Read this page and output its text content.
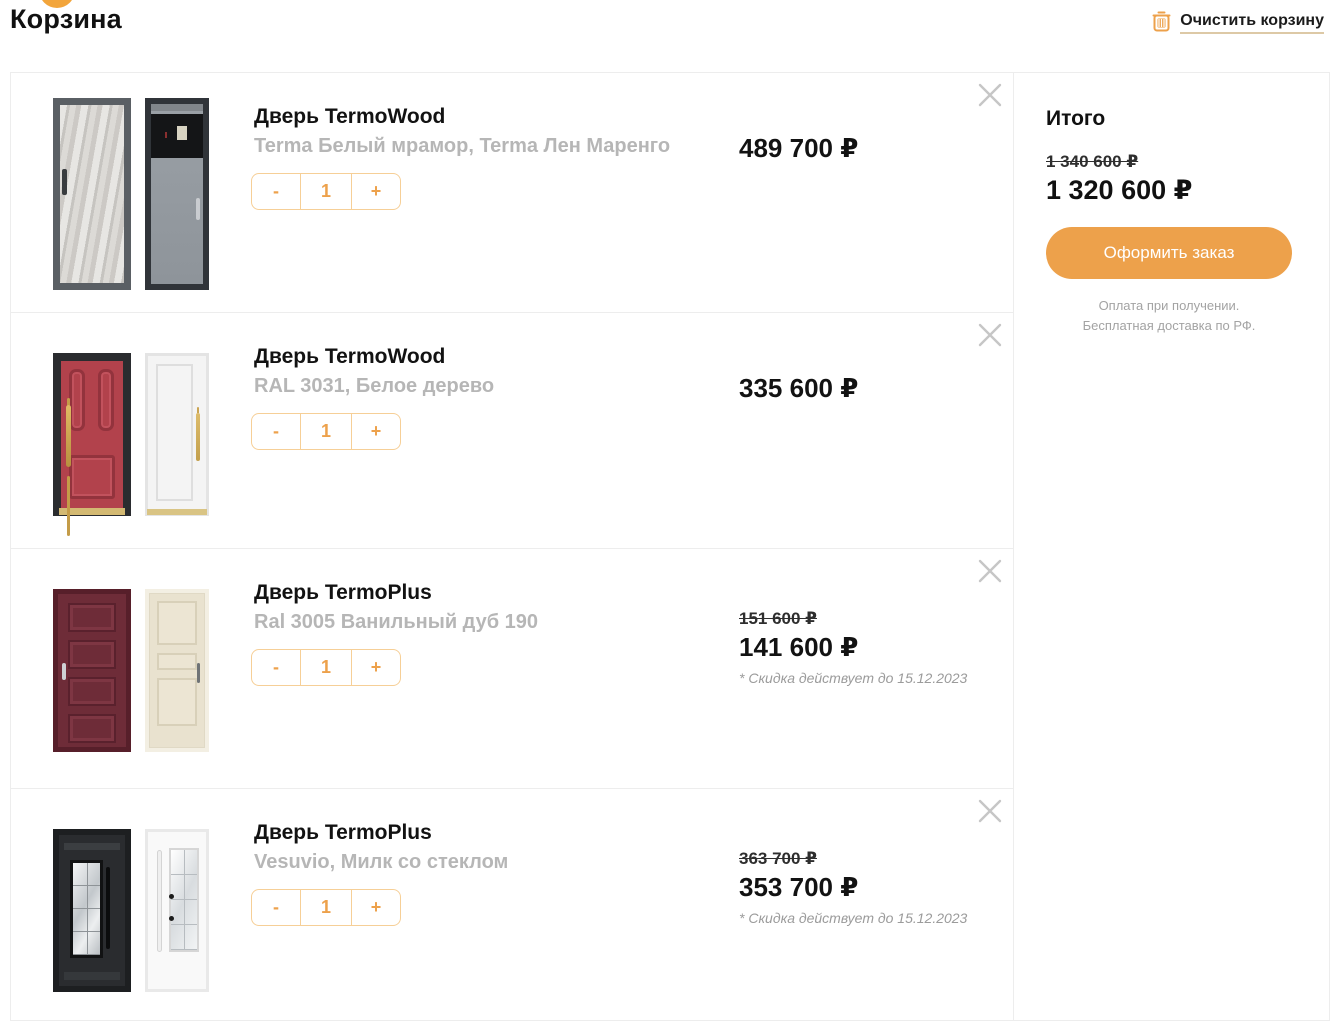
Корзина	Очистить корзину
Дверь TermoWood
Terma Белый мрамор, Terma Лен Маренго
-	1	+
489 700 ₽
Дверь TermoWood
RAL 3031, Белое дерево
-	1	+
335 600 ₽
Дверь TermoPlus
Ral 3005 Ванильный дуб 190
-	1	+
151 600 ₽
141 600 ₽
* Скидка действует до 15.12.2023
Дверь TermoPlus
Vesuvio, Милк со стеклом
-	1	+
363 700 ₽
353 700 ₽
* Скидка действует до 15.12.2023
Итого
1 340 600 ₽
1 320 600 ₽
Оформить заказ
Оплата при получении.
Бесплатная доставка по РФ.
